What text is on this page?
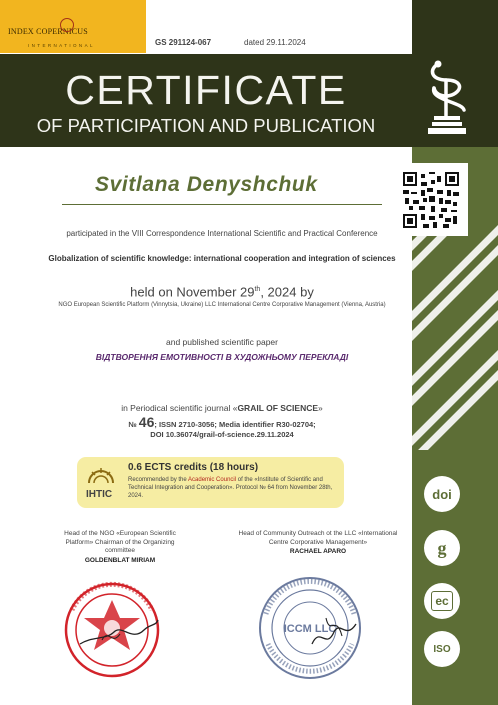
INDEX COPERNICUS
INTERNATIONAL	GS 291124-067	dated 29.11.2024
CERTIFICATE
OF PARTICIPATION AND PUBLICATION
Svitlana Denyshchuk
participated in the VIII Correspondence International Scientific and Practical Conference
Globalization of scientific knowledge: international cooperation and integration of sciences
held on November 29th, 2024 by
NGO European Scientific Platform (Vinnytsia, Ukraine) LLC International Centre Corporative Management (Vienna, Austria)
and published scientific paper
ВІДТВОРЕННЯ ЕМОТИВНОСТІ В ХУДОЖНЬОМУ ПЕРЕКЛАДІ
in Periodical scientific journal «GRAIL OF SCIENCE»
№ 46; ISSN 2710-3056; Media identifier R30-02704;
DOI 10.36074/grail-of-science.29.11.2024
IHTIC
0.6 ECTS credits (18 hours)
Recommended by the Academic Council of the «Institute of Scientific and Technical Integration and Cooperation». Protocol № 64 from November 28th, 2024.
Head of the NGO «European Scientific Platform» Chairman of the Organizing committee
GOLDENBLAT MIRIAM
Head of Community Outreach ot the LLC «International Centre Corporative Management»
RACHAEL APARO
ICCM LLC
doi
g
ec
ISO
